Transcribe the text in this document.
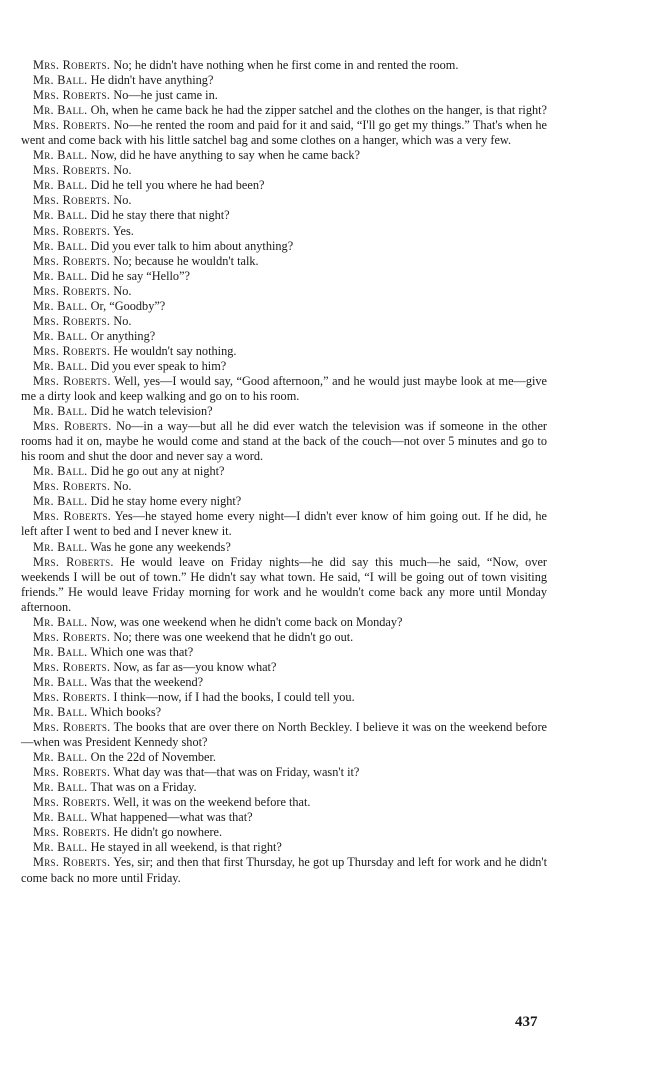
Mrs. Roberts. No; he didn't have nothing when he first come in and rented the room.

Mr. Ball. He didn't have anything?

Mrs. Roberts. No—he just came in.

Mr. Ball. Oh, when he came back he had the zipper satchel and the clothes on the hanger, is that right?

Mrs. Roberts. No—he rented the room and paid for it and said, “I'll go get my things.” That's when he went and come back with his little satchel bag and some clothes on a hanger, which was a very few.

Mr. Ball. Now, did he have anything to say when he came back?

Mrs. Roberts. No.

Mr. Ball. Did he tell you where he had been?

Mrs. Roberts. No.

Mr. Ball. Did he stay there that night?

Mrs. Roberts. Yes.

Mr. Ball. Did you ever talk to him about anything?

Mrs. Roberts. No; because he wouldn't talk.

Mr. Ball. Did he say “Hello”?

Mrs. Roberts. No.

Mr. Ball. Or, “Goodby”?

Mrs. Roberts. No.

Mr. Ball. Or anything?

Mrs. Roberts. He wouldn't say nothing.

Mr. Ball. Did you ever speak to him?

Mrs. Roberts. Well, yes—I would say, “Good afternoon,” and he would just maybe look at me—give me a dirty look and keep walking and go on to his room.

Mr. Ball. Did he watch television?

Mrs. Roberts. No—in a way—but all he did ever watch the television was if someone in the other rooms had it on, maybe he would come and stand at the back of the couch—not over 5 minutes and go to his room and shut the door and never say a word.

Mr. Ball. Did he go out any at night?

Mrs. Roberts. No.

Mr. Ball. Did he stay home every night?

Mrs. Roberts. Yes—he stayed home every night—I didn't ever know of him going out. If he did, he left after I went to bed and I never knew it.

Mr. Ball. Was he gone any weekends?

Mrs. Roberts. He would leave on Friday nights—he did say this much—he said, “Now, over weekends I will be out of town.” He didn't say what town. He said, “I will be going out of town visiting friends.” He would leave Friday morning for work and he wouldn't come back any more until Monday afternoon.

Mr. Ball. Now, was one weekend when he didn't come back on Monday?

Mrs. Roberts. No; there was one weekend that he didn't go out.

Mr. Ball. Which one was that?

Mrs. Roberts. Now, as far as—you know what?

Mr. Ball. Was that the weekend?

Mrs. Roberts. I think—now, if I had the books, I could tell you.

Mr. Ball. Which books?

Mrs. Roberts. The books that are over there on North Beckley. I believe it was on the weekend before—when was President Kennedy shot?

Mr. Ball. On the 22d of November.

Mrs. Roberts. What day was that—that was on Friday, wasn't it?

Mr. Ball. That was on a Friday.

Mrs. Roberts. Well, it was on the weekend before that.

Mr. Ball. What happened—what was that?

Mrs. Roberts. He didn't go nowhere.

Mr. Ball. He stayed in all weekend, is that right?

Mrs. Roberts. Yes, sir; and then that first Thursday, he got up Thursday and left for work and he didn't come back no more until Friday.

437
